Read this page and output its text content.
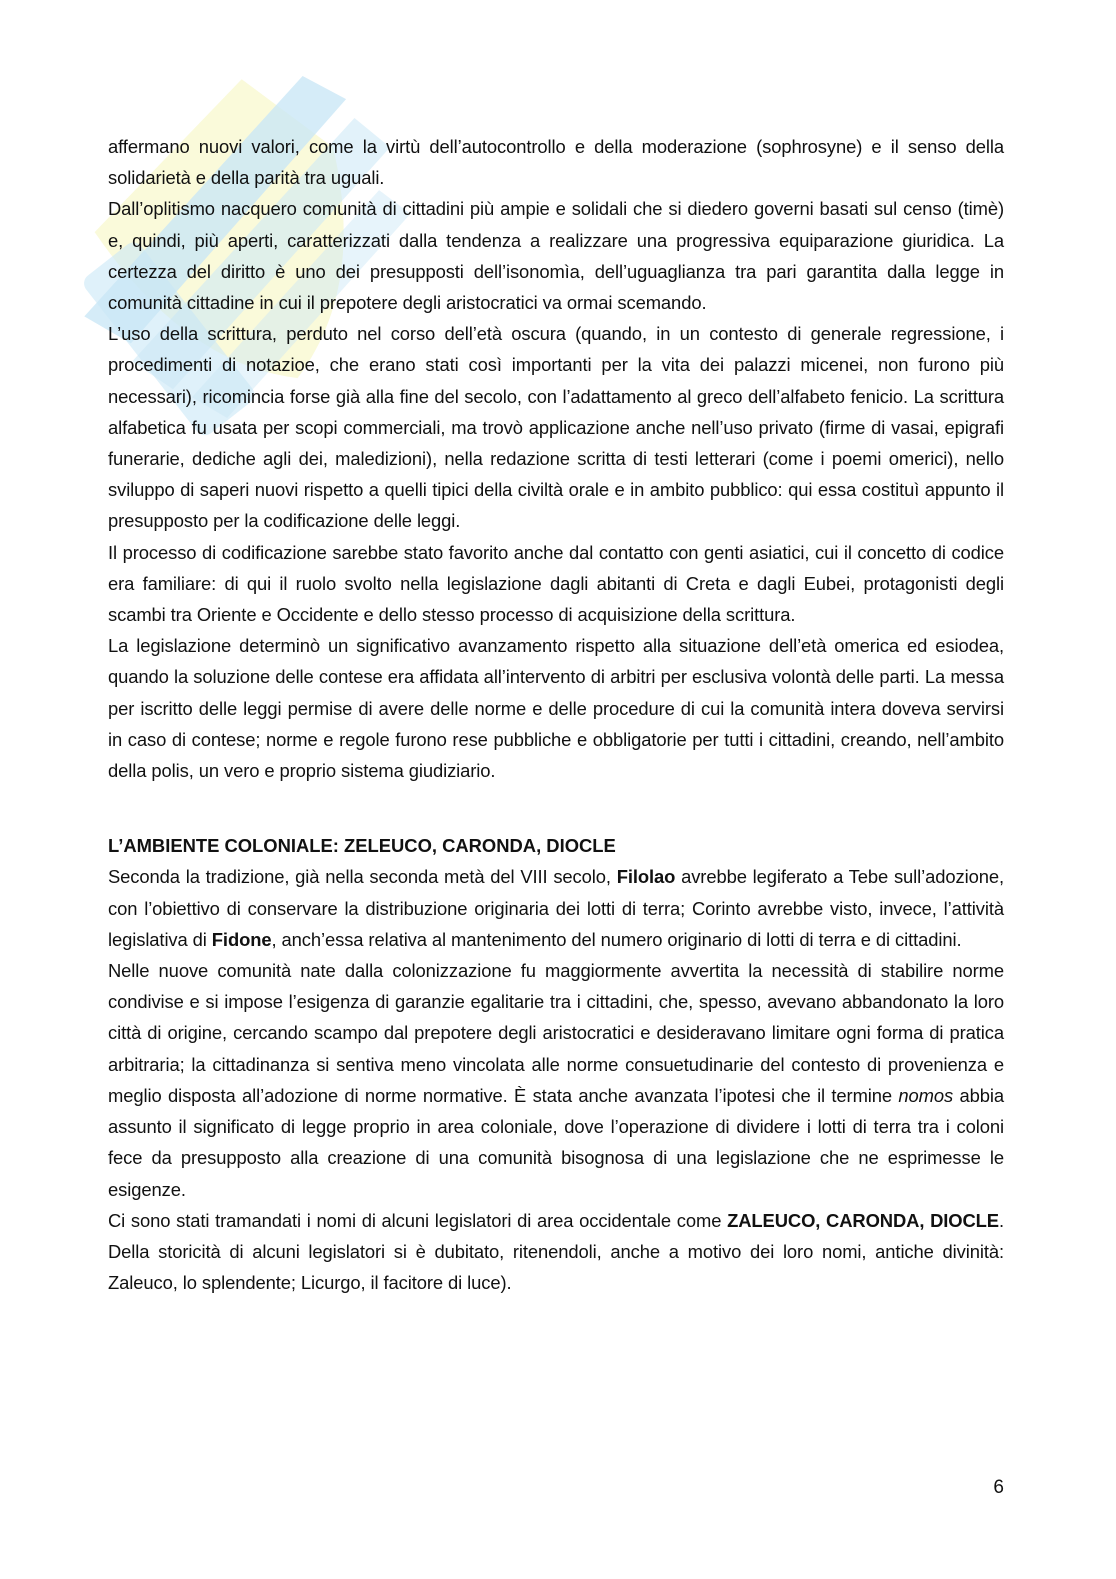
affermano nuovi valori, come la virtù dell’autocontrollo e della moderazione (sophrosyne) e il senso della solidarietà e della parità tra uguali.

Dall’oplitismo nacquero comunità di cittadini più ampie e solidali che si diedero governi basati sul censo (timè) e, quindi, più aperti, caratterizzati dalla tendenza a realizzare una progressiva equiparazione giuridica. La certezza del diritto è uno dei presupposti dell’isonomìa, dell’uguaglianza tra pari garantita dalla legge in comunità cittadine in cui il prepotere degli aristocratici va ormai scemando.

L’uso della scrittura, perduto nel corso dell’età oscura (quando, in un contesto di generale regressione, i procedimenti di notazioe, che erano stati così importanti per la vita dei palazzi micenei, non furono più necessari), ricomincia forse già alla fine del secolo, con l’adattamento al greco dell’alfabeto fenicio. La scrittura alfabetica fu usata per scopi commerciali, ma trovò applicazione anche nell’uso privato (firme di vasai, epigrafi funerarie, dediche agli dei, maledizioni), nella redazione scritta di testi letterari (come i poemi omerici), nello sviluppo di saperi nuovi rispetto a quelli tipici della civiltà orale e in ambito pubblico: qui essa costituì appunto il presupposto per la codificazione delle leggi.

Il processo di codificazione sarebbe stato favorito anche dal contatto con genti asiatici, cui il concetto di codice era familiare: di qui il ruolo svolto nella legislazione dagli abitanti di Creta e dagli Eubei, protagonisti degli scambi tra Oriente e Occidente e dello stesso processo di acquisizione della scrittura.

La legislazione determinò un significativo avanzamento rispetto alla situazione dell’età omerica ed esiodea, quando la soluzione delle contese era affidata all’intervento di arbitri per esclusiva volontà delle parti. La messa per iscritto delle leggi permise di avere delle norme e delle procedure di cui la comunità intera doveva servirsi in caso di contese; norme e regole furono rese pubbliche e obbligatorie per tutti i cittadini, creando, nell’ambito della polis, un vero e proprio sistema giudiziario.

L’AMBIENTE COLONIALE: ZELEUCO, CARONDA, DIOCLE

Seconda la tradizione, già nella seconda metà del VIII secolo, Filolao avrebbe legiferato a Tebe sull’adozione, con l’obiettivo di conservare la distribuzione originaria dei lotti di terra; Corinto avrebbe visto, invece, l’attività legislativa di Fidone, anch’essa relativa al mantenimento del numero originario di lotti di terra e di cittadini.

Nelle nuove comunità nate dalla colonizzazione fu maggiormente avvertita la necessità di stabilire norme condivise e si impose l’esigenza di garanzie egalitarie tra i cittadini, che, spesso, avevano abbandonato la loro città di origine, cercando scampo dal prepotere degli aristocratici e desideravano limitare ogni forma di pratica arbitraria; la cittadinanza si sentiva meno vincolata alle norme consuetudinarie del contesto di provenienza e meglio disposta all’adozione di norme normative. È stata anche avanzata l’ipotesi che il termine nomos abbia assunto il significato di legge proprio in area coloniale, dove l’operazione di dividere i lotti di terra tra i coloni fece da presupposto alla creazione di una comunità bisognosa di una legislazione che ne esprimesse le esigenze.

Ci sono stati tramandati i nomi di alcuni legislatori di area occidentale come ZALEUCO, CARONDA, DIOCLE. Della storicità di alcuni legislatori si è dubitato, ritenendoli, anche a motivo dei loro nomi, antiche divinità: Zaleuco, lo splendente; Licurgo, il facitore di luce).

6
